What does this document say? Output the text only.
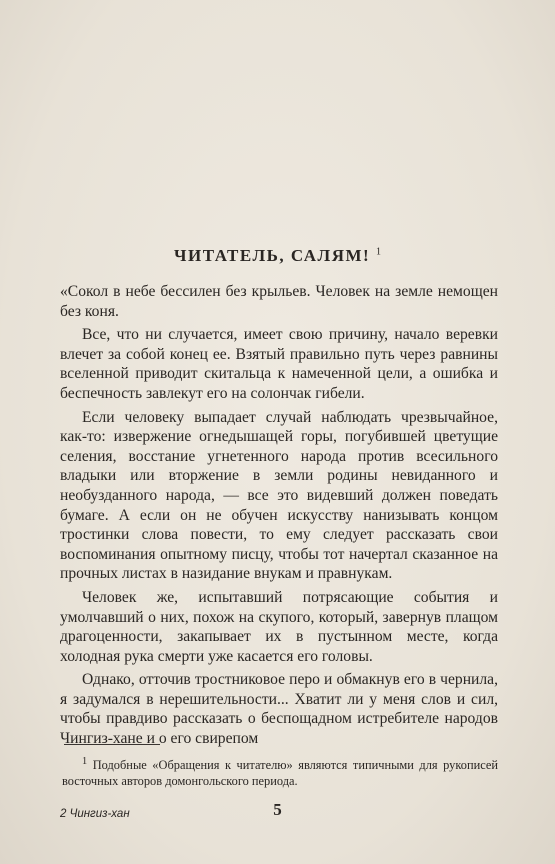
ЧИТАТЕЛЬ, САЛЯМ! $^1$

«Сокол в небе бессилен без крыльев. Человек на земле немощен без коня.

Все, что ни случается, имеет свою причину, начало веревки влечет за собой конец ее. Взятый правильно путь через равнины вселенной приводит скитальца к намеченной цели, а ошибка и беспечность завлекут его на солончак гибели.

Если человеку выпадает случай наблюдать чрезвычайное, как-то: извержение огнедышащей горы, погубившей цветущие селения, восстание угнетенного народа против всесильного владыки или вторжение в земли родины невиданного и необузданного народа, — все это видевший должен поведать бумаге. А если он не обучен искусству нанизывать концом тростинки слова повести, то ему следует рассказать свои воспоминания опытному писцу, чтобы тот начертал сказанное на прочных листах в назидание внукам и правнукам.

Человек же, испытавший потрясающие события и умолчавший о них, похож на скупого, который, завернув плащом драгоценности, закапывает их в пустынном месте, когда холодная рука смерти уже касается его головы.

Однако, отточив тростниковое перо и обмакнув его в чернила, я задумался в нерешительности... Хватит ли у меня слов и сил, чтобы правдиво рассказать о беспощадном истребителе народов Чингиз-хане и о его свирепом

$^1$ Подобные «Обращения к читателю» являются типичными для рукописей восточных авторов домонгольского периода.
2 Чингиз-хан	5
